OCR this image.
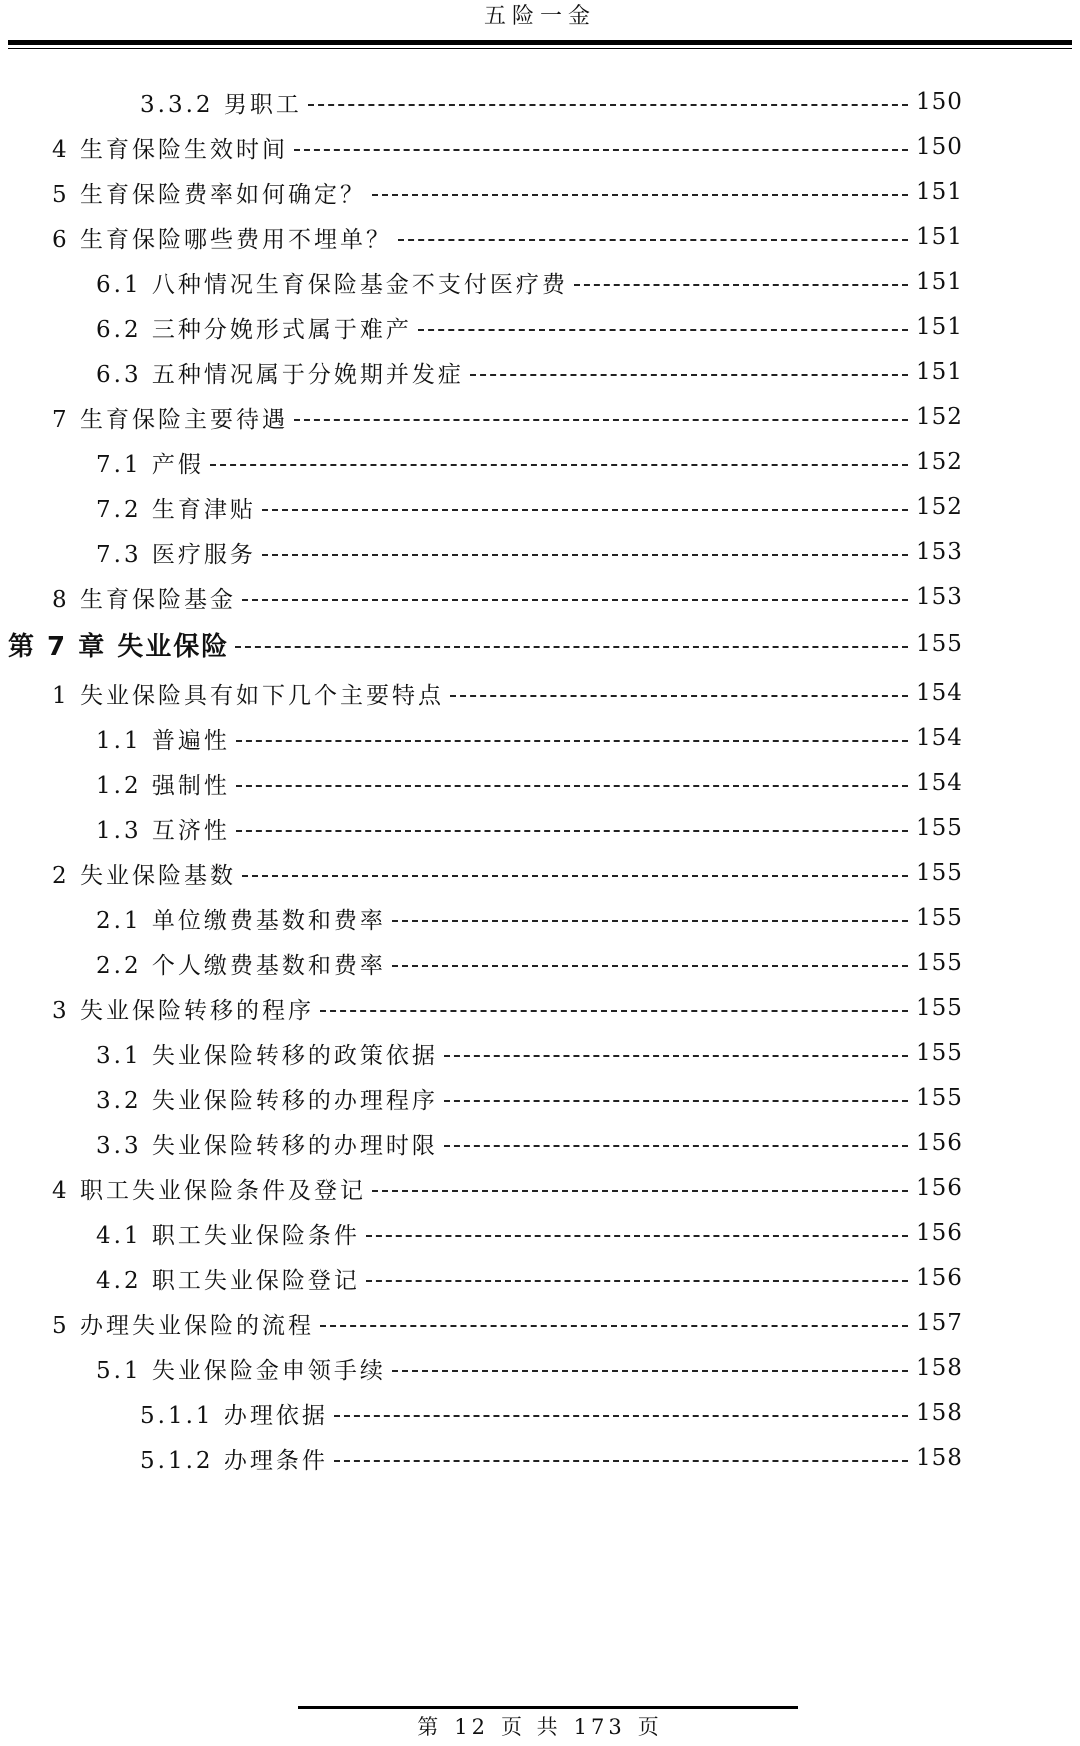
五险一金
3.3.2 男职工	150
4 生育保险生效时间	150
5 生育保险费率如何确定？	151
6 生育保险哪些费用不埋单？	151
6.1 八种情况生育保险基金不支付医疗费	151
6.2 三种分娩形式属于难产	151
6.3 五种情况属于分娩期并发症	151
7 生育保险主要待遇	152
7.1 产假	152
7.2 生育津贴	152
7.3 医疗服务	153
8 生育保险基金	153
第 7 章 失业保险	155
1 失业保险具有如下几个主要特点	154
1.1 普遍性	154
1.2 强制性	154
1.3 互济性	155
2 失业保险基数	155
2.1 单位缴费基数和费率	155
2.2 个人缴费基数和费率	155
3 失业保险转移的程序	155
3.1 失业保险转移的政策依据	155
3.2 失业保险转移的办理程序	155
3.3 失业保险转移的办理时限	156
4 职工失业保险条件及登记	156
4.1 职工失业保险条件	156
4.2 职工失业保险登记	156
5 办理失业保险的流程	157
5.1 失业保险金申领手续	158
5.1.1 办理依据	158
5.1.2 办理条件	158
第 12 页 共 173 页
